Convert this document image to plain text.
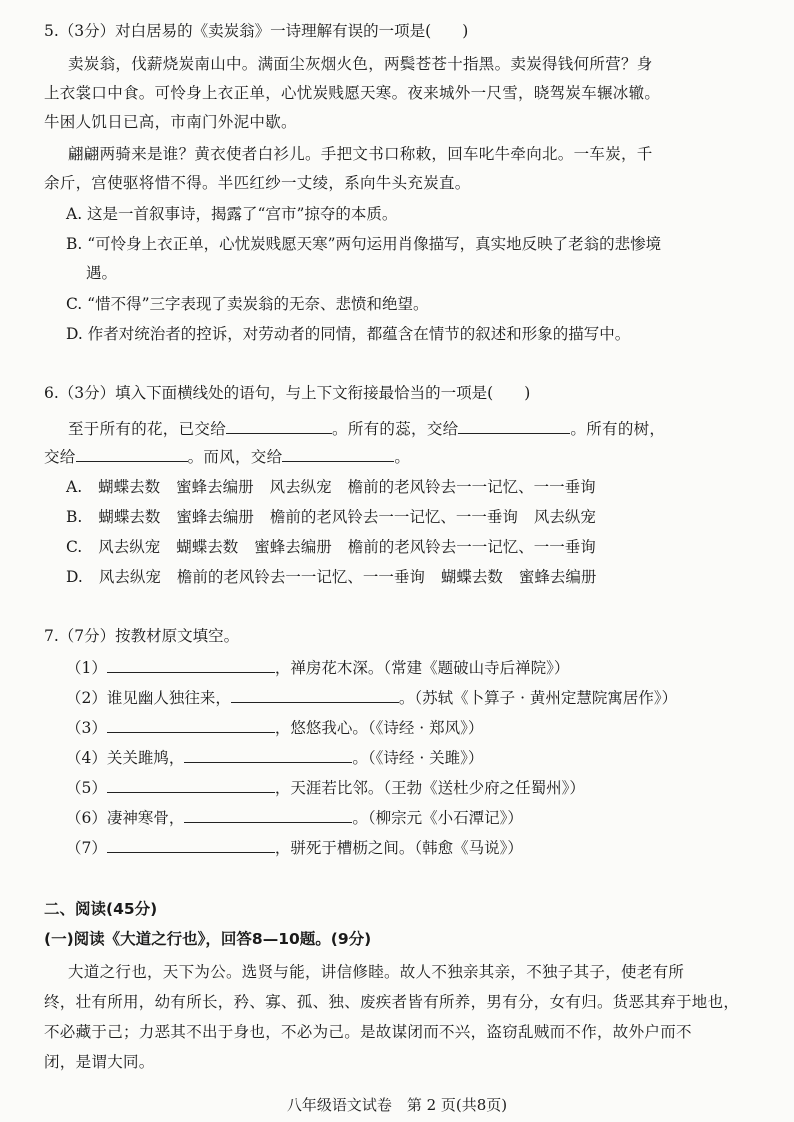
5.（3分）对白居易的《卖炭翁》一诗理解有误的一项是(　　)
卖炭翁，伐薪烧炭南山中。满面尘灰烟火色，两鬓苍苍十指黑。卖炭得钱何所营？身
上衣裳口中食。可怜身上衣正单，心忧炭贱愿天寒。夜来城外一尺雪，晓驾炭车辗冰辙。
牛困人饥日已高，市南门外泥中歇。
翩翩两骑来是谁？黄衣使者白衫儿。手把文书口称敕，回车叱牛牵向北。一车炭，千
余斤，宫使驱将惜不得。半匹红纱一丈绫，系向牛头充炭直。
A. 这是一首叙事诗，揭露了“宫市”掠夺的本质。
B. “可怜身上衣正单，心忧炭贱愿天寒”两句运用肖像描写，真实地反映了老翁的悲惨境
遇。
C. “惜不得”三字表现了卖炭翁的无奈、悲愤和绝望。
D. 作者对统治者的控诉，对劳动者的同情，都蕴含在情节的叙述和形象的描写中。
6.（3分）填入下面横线处的语句，与上下文衔接最恰当的一项是(　　)
至于所有的花，已交给	。所有的蕊，交给	。所有的树，
交给	。而风，交给	。
A. 蝴蝶去数 蜜蜂去编册 风去纵宠 檐前的老风铃去一一记忆、一一垂询
B. 蝴蝶去数 蜜蜂去编册 檐前的老风铃去一一记忆、一一垂询 风去纵宠
C. 风去纵宠 蝴蝶去数 蜜蜂去编册 檐前的老风铃去一一记忆、一一垂询
D. 风去纵宠 檐前的老风铃去一一记忆、一一垂询 蝴蝶去数 蜜蜂去编册
7.（7分）按教材原文填空。
（1）	，禅房花木深。（常建《题破山寺后禅院》）
（2）谁见幽人独往来，	。（苏轼《卜算子 · 黄州定慧院寓居作》）
（3）	，悠悠我心。（《诗经 · 郑风》）
（4）关关雎鸠，	。（《诗经 · 关雎》）
（5）	，天涯若比邻。（王勃《送杜少府之任蜀州》）
（6）凄神寒骨，	。（柳宗元《小石潭记》）
（7）	，骈死于槽枥之间。（韩愈《马说》）
二、阅读(45分)
(一)阅读《大道之行也》，回答8—10题。(9分)
大道之行也，天下为公。选贤与能，讲信修睦。故人不独亲其亲，不独子其子，使老有所
终，壮有所用，幼有所长，矜、寡、孤、独、废疾者皆有所养，男有分，女有归。货恶其弃于地也，
不必藏于己；力恶其不出于身也，不必为己。是故谋闭而不兴，盗窃乱贼而不作，故外户而不
闭，是谓大同。
八年级语文试卷　第 2 页(共8页)
